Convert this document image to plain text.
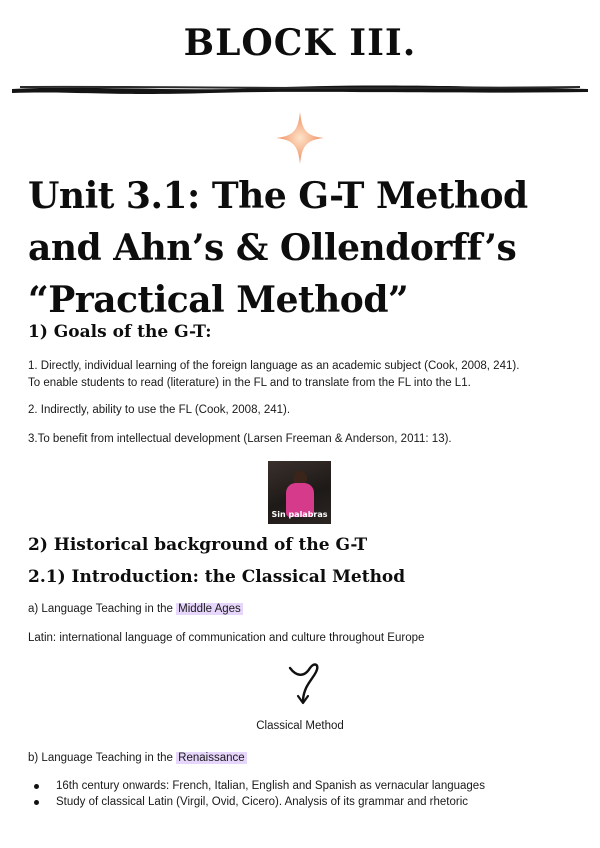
BLOCK III.
Unit 3.1: The G-T Method
and Ahn’s & Ollendorff’s
“Practical Method”
1) Goals of the G-T:

1. Directly, individual learning of the foreign language as an academic subject (Cook, 2008, 241).

To enable students to read (literature) in the FL and to translate from the FL into the L1.

2. Indirectly, ability to use the FL (Cook, 2008, 241).

3.To benefit from intellectual development (Larsen Freeman & Anderson, 2011: 13).

Sin palabras
2) Historical background of the G-T
2.1) Introduction: the Classical Method

a) Language Teaching in the Middle Ages

Latin: international language of communication and culture throughout Europe

Classical Method

b) Language Teaching in the Renaissance

16th century onwards: French, Italian, English and Spanish as vernacular languages
Study of classical Latin (Virgil, Ovid, Cicero). Analysis of its grammar and rhetoric
